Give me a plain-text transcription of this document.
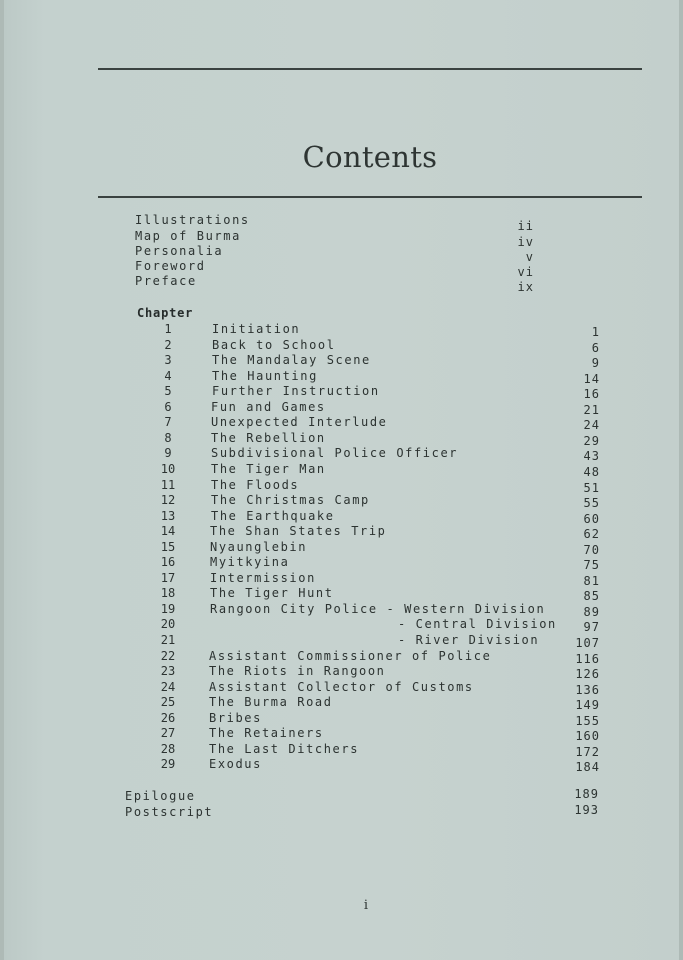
Contents
Illustrations	ii
Map of Burma	iv
Personalia	v
Foreword	vi
Preface	ix
Chapter
1	Initiation	1
2	Back to School	6
3	The Mandalay Scene	9
4	The Haunting	14
5	Further Instruction	16
6	Fun and Games	21
7	Unexpected Interlude	24
8	The Rebellion	29
9	Subdivisional Police Officer	43
10	The Tiger Man	48
11	The Floods	51
12	The Christmas Camp	55
13	The Earthquake	60
14	The Shan States Trip	62
15	Nyaunglebin	70
16	Myitkyina	75
17	Intermission	81
18	The Tiger Hunt	85
19	Rangoon City Police - Western Division	89
20	- Central Division	97
21	- River Division	107
22	Assistant Commissioner of Police	116
23	The Riots in Rangoon	126
24	Assistant Collector of Customs	136
25	The Burma Road	149
26	Bribes	155
27	The Retainers	160
28	The Last Ditchers	172
29	Exodus	184
Epilogue	189
Postscript	193
i
